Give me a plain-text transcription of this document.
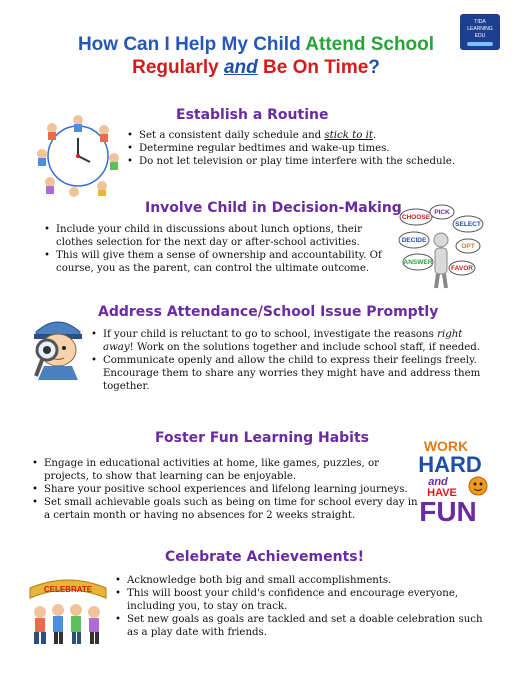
How Can I Help My Child Attend School
Regularly and Be On Time?
TIDA
LEARNING
EDU
Establish a Routine
• Set a consistent daily schedule and stick to it.
• Determine regular bedtimes and wake-up times.
• Do not let television or play time interfere with the schedule.
Involve Child in Decision-Making
• Include your child in discussions about lunch options, their clothes selection for the next day or after-school activities.
• This will give them a sense of ownership and accountability. Of course, you as the parent, can control the ultimate outcome.
CHOOSE
PICK
SELECT
DECIDE
OPT
ANSWER
FAVOR
Address Attendance/School Issue Promptly
• If your child is reluctant to go to school, investigate the reasons right away! Work on the solutions together and include school staff, if needed.
• Communicate openly and allow the child to express their feelings freely. Encourage them to share any worries they might have and address them together.
Foster Fun Learning Habits
• Engage in educational activities at home, like games, puzzles, or projects, to show that learning can be enjoyable.
• Share your positive school experiences and lifelong learning journeys.
• Set small achievable goals such as being on time for school every day in a certain month or having no absences for 2 weeks straight.
WORK
HARD
and
HAVE
FUN
Celebrate Achievements!
CELEBRATE
• Acknowledge both big and small accomplishments.
• This will boost your child's confidence and encourage everyone, including you, to stay on track.
• Set new goals as goals are tackled and set a doable celebration such as a play date with friends.
